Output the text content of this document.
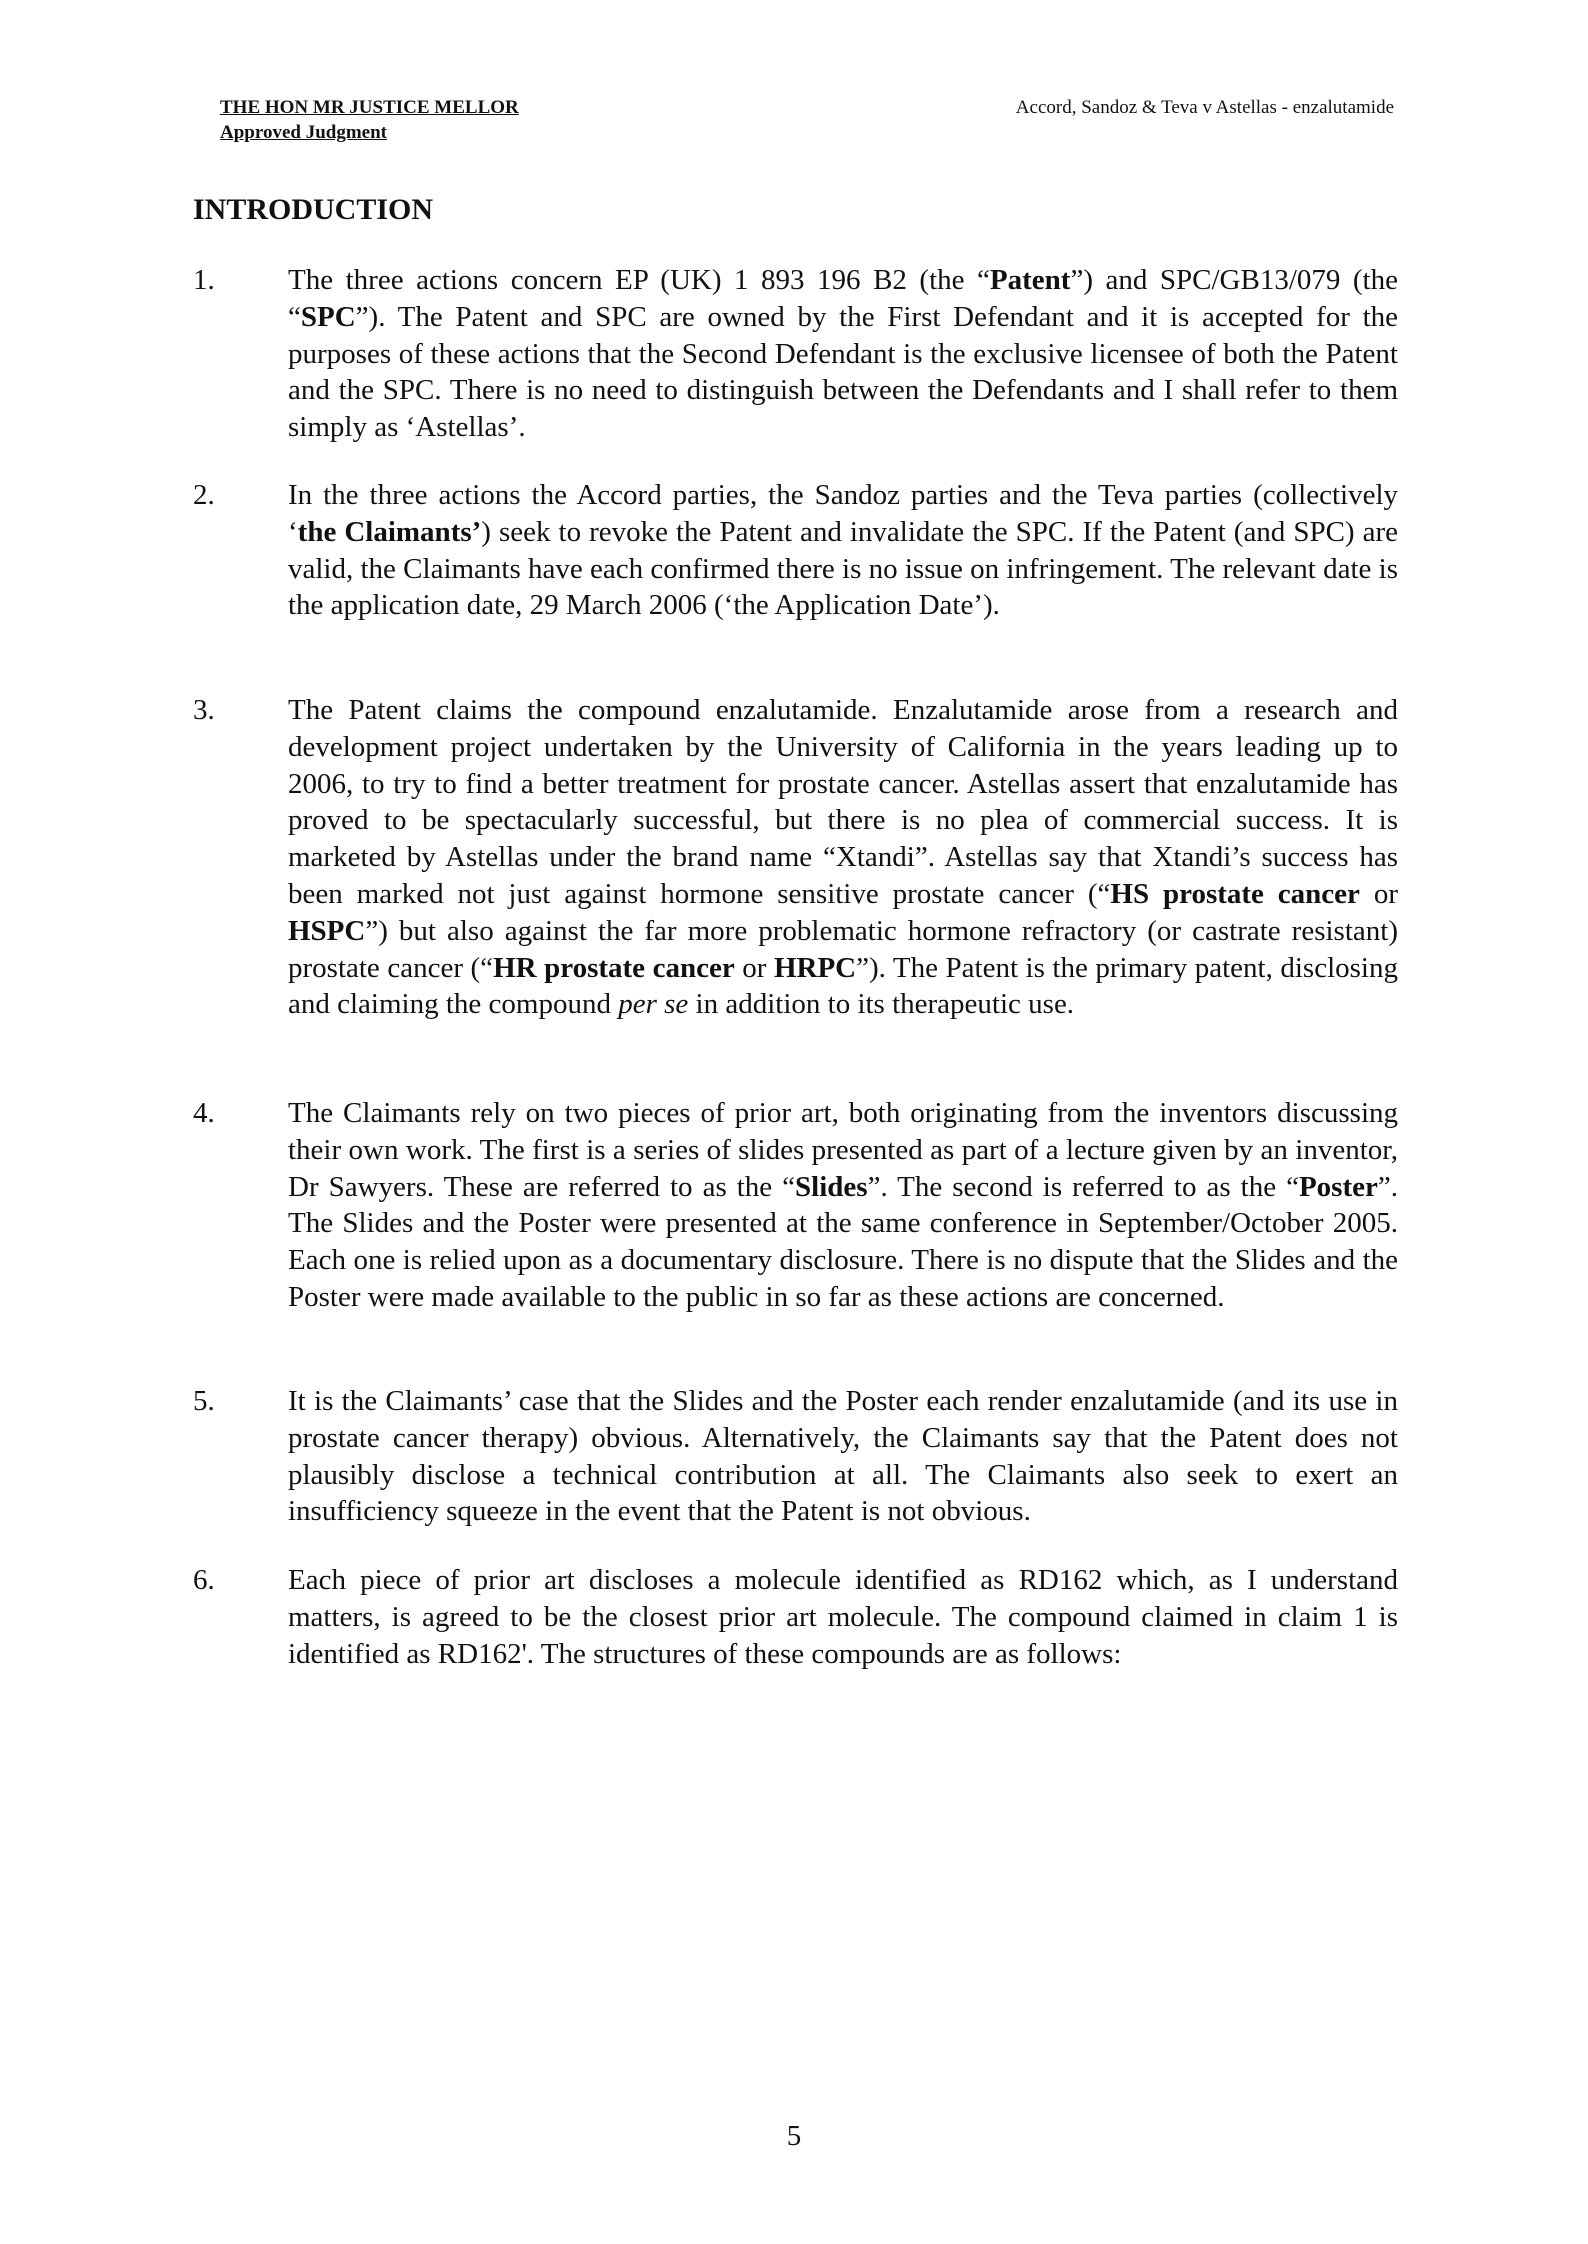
THE HON MR JUSTICE MELLOR
Approved Judgment
Accord, Sandoz & Teva v Astellas - enzalutamide
INTRODUCTION
1.	The three actions concern EP (UK) 1 893 196 B2 (the “Patent”) and SPC/GB13/079 (the “SPC”). The Patent and SPC are owned by the First Defendant and it is accepted for the purposes of these actions that the Second Defendant is the exclusive licensee of both the Patent and the SPC. There is no need to distinguish between the Defendants and I shall refer to them simply as ‘Astellas’.
2.	In the three actions the Accord parties, the Sandoz parties and the Teva parties (collectively ‘the Claimants’) seek to revoke the Patent and invalidate the SPC. If the Patent (and SPC) are valid, the Claimants have each confirmed there is no issue on infringement. The relevant date is the application date, 29 March 2006 (‘the Application Date’).
3.	The Patent claims the compound enzalutamide. Enzalutamide arose from a research and development project undertaken by the University of California in the years leading up to 2006, to try to find a better treatment for prostate cancer. Astellas assert that enzalutamide has proved to be spectacularly successful, but there is no plea of commercial success. It is marketed by Astellas under the brand name “Xtandi”. Astellas say that Xtandi’s success has been marked not just against hormone sensitive prostate cancer (“HS prostate cancer or HSPC”) but also against the far more problematic hormone refractory (or castrate resistant) prostate cancer (“HR prostate cancer or HRPC”). The Patent is the primary patent, disclosing and claiming the compound per se in addition to its therapeutic use.
4.	The Claimants rely on two pieces of prior art, both originating from the inventors discussing their own work. The first is a series of slides presented as part of a lecture given by an inventor, Dr Sawyers. These are referred to as the “Slides”. The second is referred to as the “Poster”. The Slides and the Poster were presented at the same conference in September/October 2005. Each one is relied upon as a documentary disclosure. There is no dispute that the Slides and the Poster were made available to the public in so far as these actions are concerned.
5.	It is the Claimants’ case that the Slides and the Poster each render enzalutamide (and its use in prostate cancer therapy) obvious. Alternatively, the Claimants say that the Patent does not plausibly disclose a technical contribution at all. The Claimants also seek to exert an insufficiency squeeze in the event that the Patent is not obvious.
6.	Each piece of prior art discloses a molecule identified as RD162 which, as I understand matters, is agreed to be the closest prior art molecule. The compound claimed in claim 1 is identified as RD162'. The structures of these compounds are as follows:
5
